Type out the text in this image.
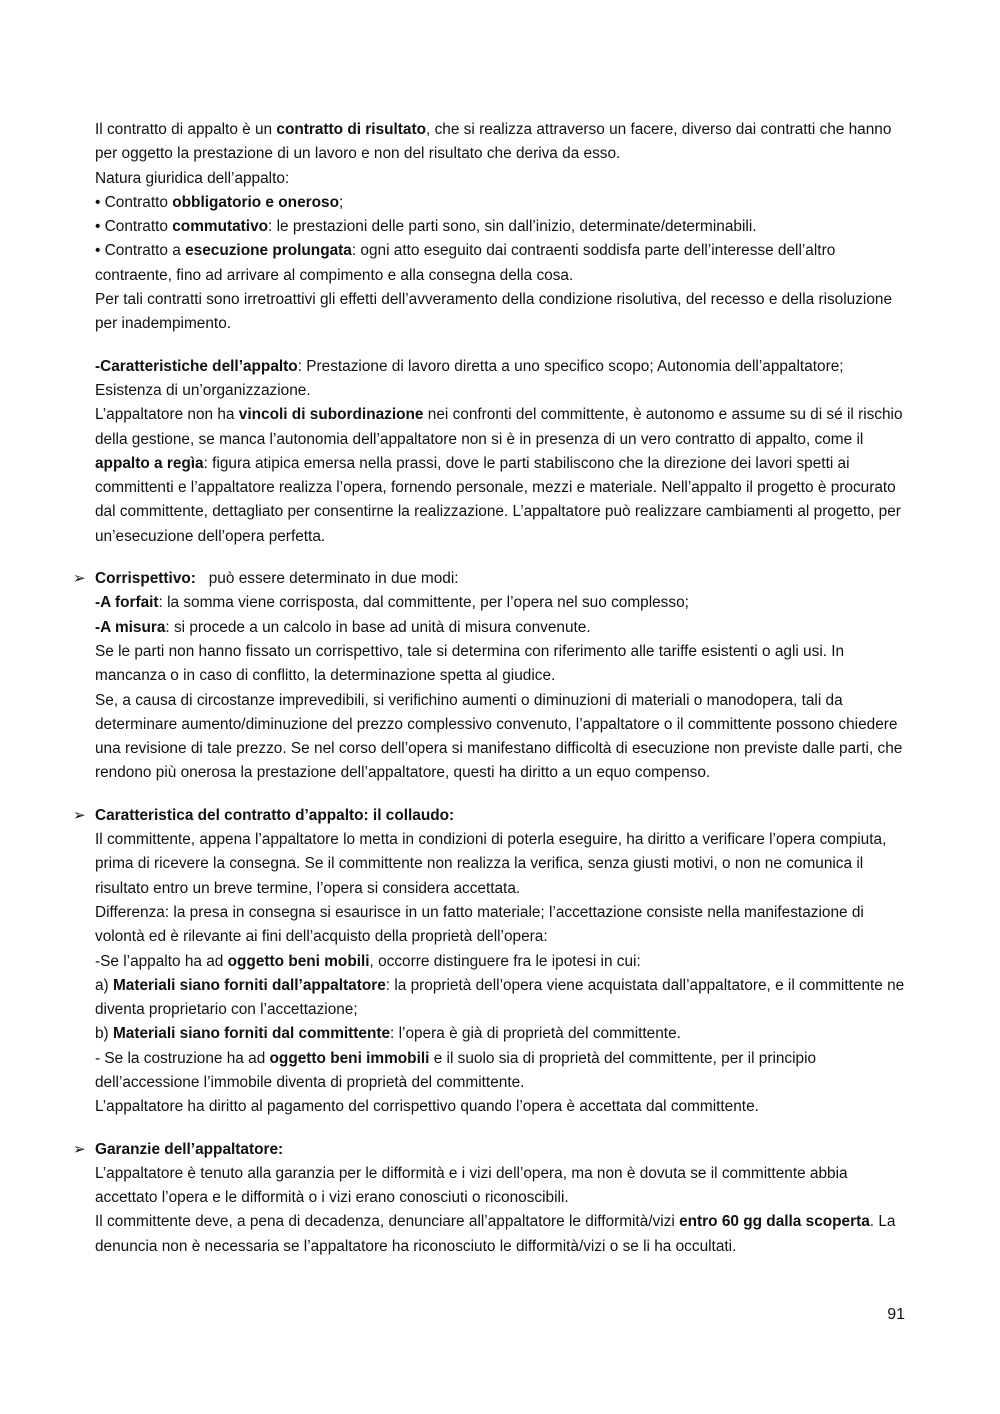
Il contratto di appalto è un contratto di risultato, che si realizza attraverso un facere, diverso dai contratti che hanno per oggetto la prestazione di un lavoro e non del risultato che deriva da esso.

Natura giuridica dell’appalto:

• Contratto obbligatorio e oneroso;

• Contratto commutativo: le prestazioni delle parti sono, sin dall’inizio, determinate/determinabili.

• Contratto a esecuzione prolungata: ogni atto eseguito dai contraenti soddisfa parte dell’interesse dell’altro contraente, fino ad arrivare al compimento e alla consegna della cosa.

Per tali contratti sono irretroattivi gli effetti dell’avveramento della condizione risolutiva, del recesso e della risoluzione per inadempimento.

-Caratteristiche dell’appalto: Prestazione di lavoro diretta a uno specifico scopo; Autonomia dell’appaltatore; Esistenza di un’organizzazione.

L’appaltatore non ha vincoli di subordinazione nei confronti del committente, è autonomo e assume su di sé il rischio della gestione, se manca l’autonomia dell’appaltatore non si è in presenza di un vero contratto di appalto, come il appalto a regìa: figura atipica emersa nella prassi, dove le parti stabiliscono che la direzione dei lavori spetti ai committenti e l’appaltatore realizza l’opera, fornendo personale, mezzi e materiale. Nell’appalto il progetto è procurato dal committente, dettagliato per consentirne la realizzazione. L’appaltatore può realizzare cambiamenti al progetto, per un’esecuzione dell’opera perfetta.

➢ Corrispettivo:   può essere determinato in due modi:

-A forfait: la somma viene corrisposta, dal committente, per l’opera nel suo complesso;

-A misura: si procede a un calcolo in base ad unità di misura convenute.

Se le parti non hanno fissato un corrispettivo, tale si determina con riferimento alle tariffe esistenti o agli usi. In mancanza o in caso di conflitto, la determinazione spetta al giudice.

Se, a causa di circostanze imprevedibili, si verifichino aumenti o diminuzioni di materiali o manodopera, tali da determinare aumento/diminuzione del prezzo complessivo convenuto, l’appaltatore o il committente possono chiedere una revisione di tale prezzo. Se nel corso dell’opera si manifestano difficoltà di esecuzione non previste dalle parti, che rendono più onerosa la prestazione dell’appaltatore, questi ha diritto a un equo compenso.

➢ Caratteristica del contratto d’appalto: il collaudo:

Il committente, appena l’appaltatore lo metta in condizioni di poterla eseguire, ha diritto a verificare l’opera compiuta, prima di ricevere la consegna. Se il committente non realizza la verifica, senza giusti motivi, o non ne comunica il risultato entro un breve termine, l’opera si considera accettata.

Differenza: la presa in consegna si esaurisce in un fatto materiale; l’accettazione consiste nella manifestazione di volontà ed è rilevante ai fini dell’acquisto della proprietà dell’opera:

-Se l’appalto ha ad oggetto beni mobili, occorre distinguere fra le ipotesi in cui:

a) Materiali siano forniti dall’appaltatore: la proprietà dell’opera viene acquistata dall’appaltatore, e il committente ne diventa proprietario con l’accettazione;

b) Materiali siano forniti dal committente: l’opera è già di proprietà del committente.

- Se la costruzione ha ad oggetto beni immobili e il suolo sia di proprietà del committente, per il principio dell’accessione l’immobile diventa di proprietà del committente.

L’appaltatore ha diritto al pagamento del corrispettivo quando l’opera è accettata dal committente.

➢ Garanzie dell’appaltatore:

L’appaltatore è tenuto alla garanzia per le difformità e i vizi dell’opera, ma non è dovuta se il committente abbia accettato l’opera e le difformità o i vizi erano conosciuti o riconoscibili.

Il committente deve, a pena di decadenza, denunciare all’appaltatore le difformità/vizi entro 60 gg dalla scoperta. La denuncia non è necessaria se l’appaltatore ha riconosciuto le difformità/vizi o se li ha occultati.

91
